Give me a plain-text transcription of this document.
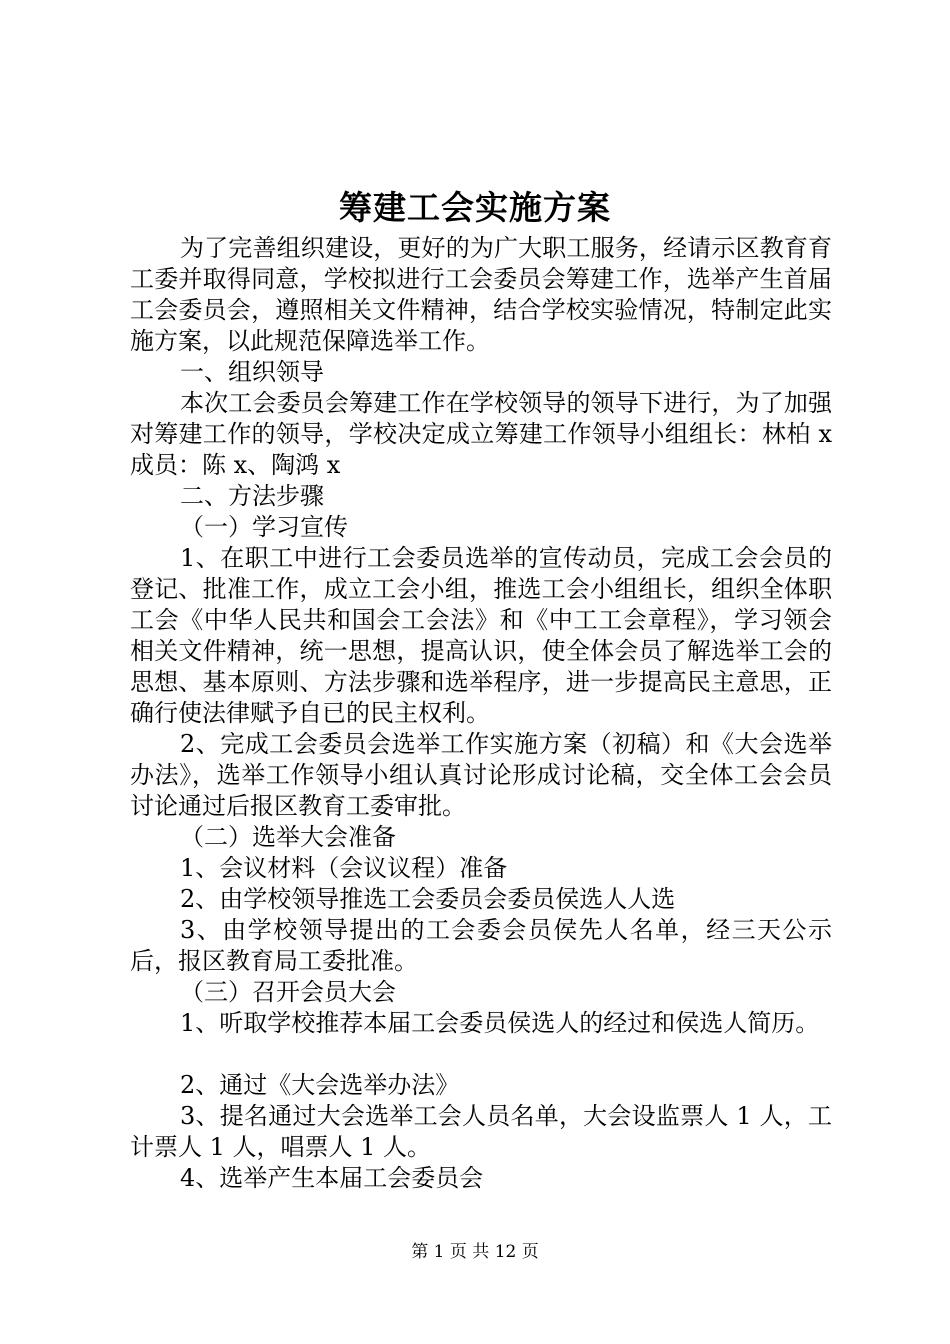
筹建工会实施方案

为了完善组织建设，更好的为广大职工服务，经请示区教育育工委并取得同意，学校拟进行工会委员会筹建工作，选举产生首届工会委员会，遵照相关文件精神，结合学校实验情况，特制定此实施方案，以此规范保障选举工作。

一、组织领导

本次工会委员会筹建工作在学校领导的领导下进行，为了加强对筹建工作的领导，学校决定成立筹建工作领导小组组长：林柏 x 成员：陈 x、陶鸿 x

二、方法步骤

（一）学习宣传

1、在职工中进行工会委员选举的宣传动员，完成工会会员的登记、批准工作，成立工会小组，推选工会小组组长，组织全体职工会《中华人民共和国会工会法》和《中工工会章程》，学习领会相关文件精神，统一思想，提高认识，使全体会员了解选举工会的思想、基本原则、方法步骤和选举程序，进一步提高民主意思，正确行使法律赋予自已的民主权利。

2、完成工会委员会选举工作实施方案（初稿）和《大会选举办法》，选举工作领导小组认真讨论形成讨论稿，交全体工会会员讨论通过后报区教育工委审批。

（二）选举大会准备

1、会议材料（会议议程）准备

2、由学校领导推选工会委员会委员侯选人人选

3、由学校领导提出的工会委会员侯先人名单，经三天公示后，报区教育局工委批准。

（三）召开会员大会

1、听取学校推荐本届工会委员侯选人的经过和侯选人简历。

2、通过《大会选举办法》

3、提名通过大会选举工会人员名单，大会设监票人 1 人，工计票人 1 人，唱票人 1 人。

4、选举产生本届工会委员会

第 1 页 共 12 页
